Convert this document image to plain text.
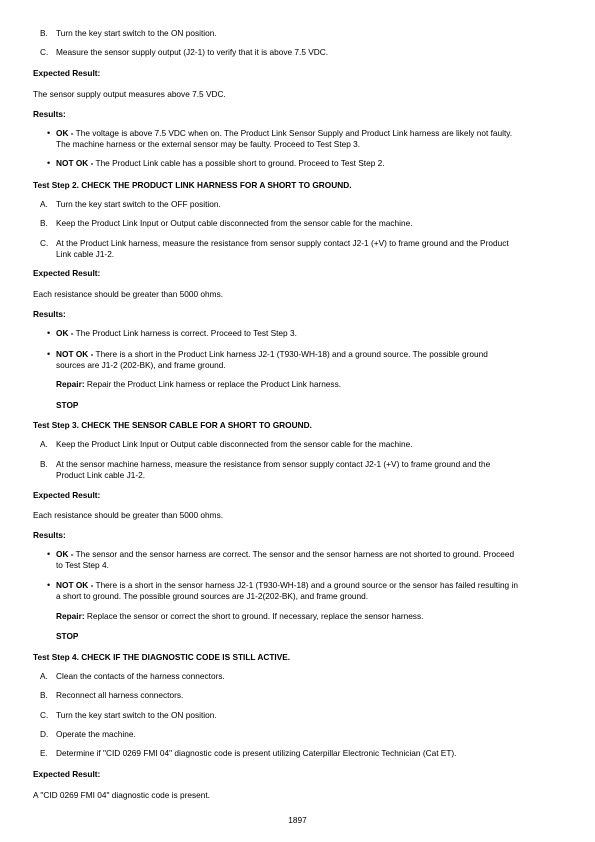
B. Turn the key start switch to the ON position.
C. Measure the sensor supply output (J2-1) to verify that it is above 7.5 VDC.
Expected Result:
The sensor supply output measures above 7.5 VDC.
Results:
• OK - The voltage is above 7.5 VDC when on. The Product Link Sensor Supply and Product Link harness are likely not faulty.
The machine harness or the external sensor may be faulty. Proceed to Test Step 3.
• NOT OK - The Product Link cable has a possible short to ground. Proceed to Test Step 2.
Test Step 2. CHECK THE PRODUCT LINK HARNESS FOR A SHORT TO GROUND.
A. Turn the key start switch to the OFF position.
B. Keep the Product Link Input or Output cable disconnected from the sensor cable for the machine.
C. At the Product Link harness, measure the resistance from sensor supply contact J2-1 (+V) to frame ground and the Product
Link cable J1-2.
Expected Result:
Each resistance should be greater than 5000 ohms.
Results:
• OK - The Product Link harness is correct. Proceed to Test Step 3.
• NOT OK - There is a short in the Product Link harness J2-1 (T930-WH-18) and a ground source. The possible ground
sources are J1-2 (202-BK), and frame ground.
Repair: Repair the Product Link harness or replace the Product Link harness.
STOP
Test Step 3. CHECK THE SENSOR CABLE FOR A SHORT TO GROUND.
A. Keep the Product Link Input or Output cable disconnected from the sensor cable for the machine.
B. At the sensor machine harness, measure the resistance from sensor supply contact J2-1 (+V) to frame ground and the
Product Link cable J1-2.
Expected Result:
Each resistance should be greater than 5000 ohms.
Results:
• OK - The sensor and the sensor harness are correct. The sensor and the sensor harness are not shorted to ground. Proceed
to Test Step 4.
• NOT OK - There is a short in the sensor harness J2-1 (T930-WH-18) and a ground source or the sensor has failed resulting in
a short to ground. The possible ground sources are J1-2(202-BK), and frame ground.
Repair: Replace the sensor or correct the short to ground. If necessary, replace the sensor harness.
STOP
Test Step 4. CHECK IF THE DIAGNOSTIC CODE IS STILL ACTIVE.
A. Clean the contacts of the harness connectors.
B. Reconnect all harness connectors.
C. Turn the key start switch to the ON position.
D. Operate the machine.
E. Determine if "CID 0269 FMI 04" diagnostic code is present utilizing Caterpillar Electronic Technician (Cat ET).
Expected Result:
A "CID 0269 FMI 04" diagnostic code is present.
1897
